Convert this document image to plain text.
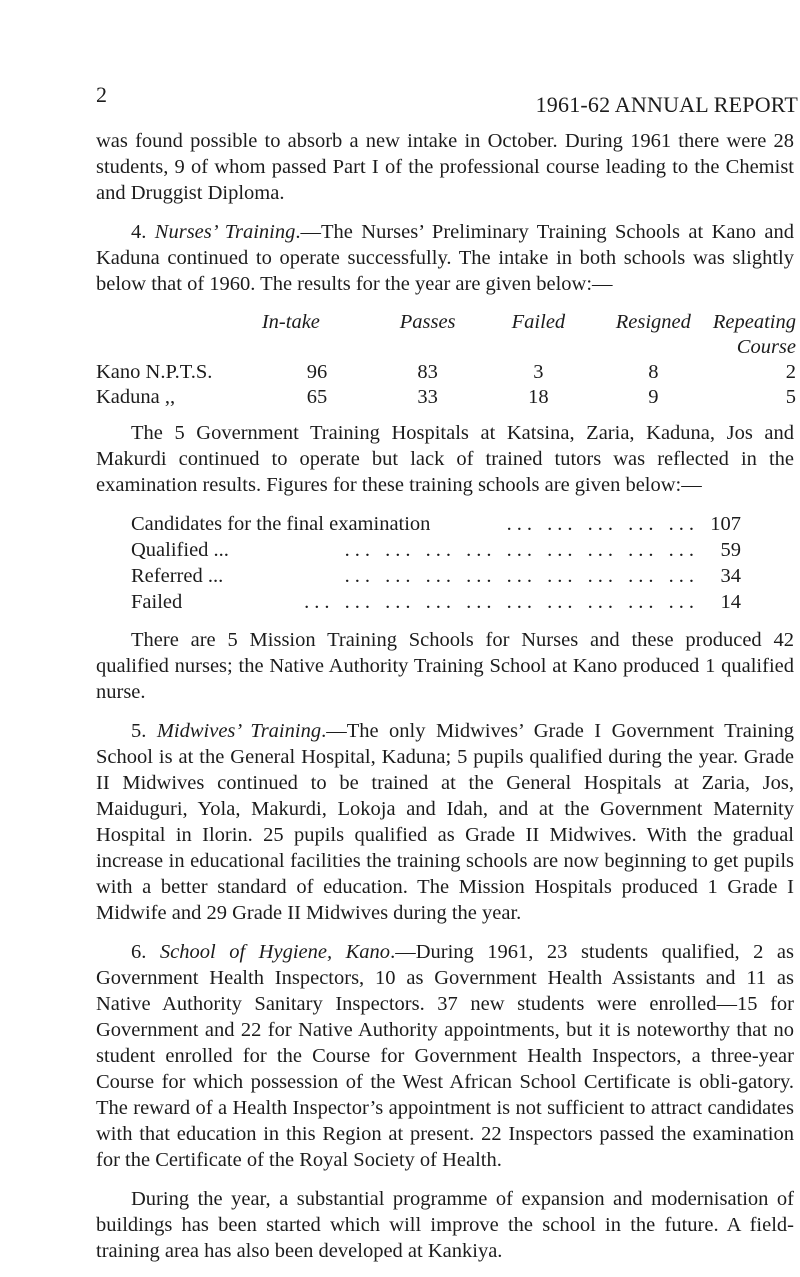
2	1961-62 ANNUAL REPORT

was found possible to absorb a new intake in October. During 1961 there were 28 students, 9 of whom passed Part I of the professional course leading to the Chemist and Druggist Diploma.

4. Nurses’ Training.—The Nurses’ Preliminary Training Schools at Kano and Kaduna continued to operate successfully. The intake in both schools was slightly below that of 1960. The results for the year are given below:—

	In-take	Passes	Failed	Resigned	Repeating Course
Kano N.P.T.S.	96	83	3	8	2
Kaduna ,,	65	33	18	9	5

The 5 Government Training Hospitals at Katsina, Zaria, Kaduna, Jos and Makurdi continued to operate but lack of trained tutors was reflected in the examination results. Figures for these training schools are given below:—

Candidates for the final examination	... ... ... ... ... 107
Qualified ...	... ... ... ... ... ... ... ... ...	59
Referred ...	... ... ... ... ... ... ... ... ...	34
Failed	... ... ... ... ... ... ... ... ... ...	14

There are 5 Mission Training Schools for Nurses and these produced 42 qualified nurses; the Native Authority Training School at Kano produced 1 qualified nurse.

5. Midwives’ Training.—The only Midwives’ Grade I Government Training School is at the General Hospital, Kaduna; 5 pupils qualified during the year. Grade II Midwives continued to be trained at the General Hospitals at Zaria, Jos, Maiduguri, Yola, Makurdi, Lokoja and Idah, and at the Government Maternity Hospital in Ilorin. 25 pupils qualified as Grade II Midwives. With the gradual increase in educational facilities the training schools are now beginning to get pupils with a better standard of education. The Mission Hospitals produced 1 Grade I Midwife and 29 Grade II Midwives during the year.

6. School of Hygiene, Kano.—During 1961, 23 students qualified, 2 as Government Health Inspectors, 10 as Government Health Assistants and 11 as Native Authority Sanitary Inspectors. 37 new students were enrolled—15 for Government and 22 for Native Authority appointments, but it is noteworthy that no student enrolled for the Course for Government Health Inspectors, a three-year Course for which possession of the West African School Certificate is obli-gatory. The reward of a Health Inspector’s appointment is not sufficient to attract candidates with that education in this Region at present. 22 Inspectors passed the examination for the Certificate of the Royal Society of Health.

During the year, a substantial programme of expansion and modernisation of buildings has been started which will improve the school in the future. A field-training area has also been developed at Kankiya.
